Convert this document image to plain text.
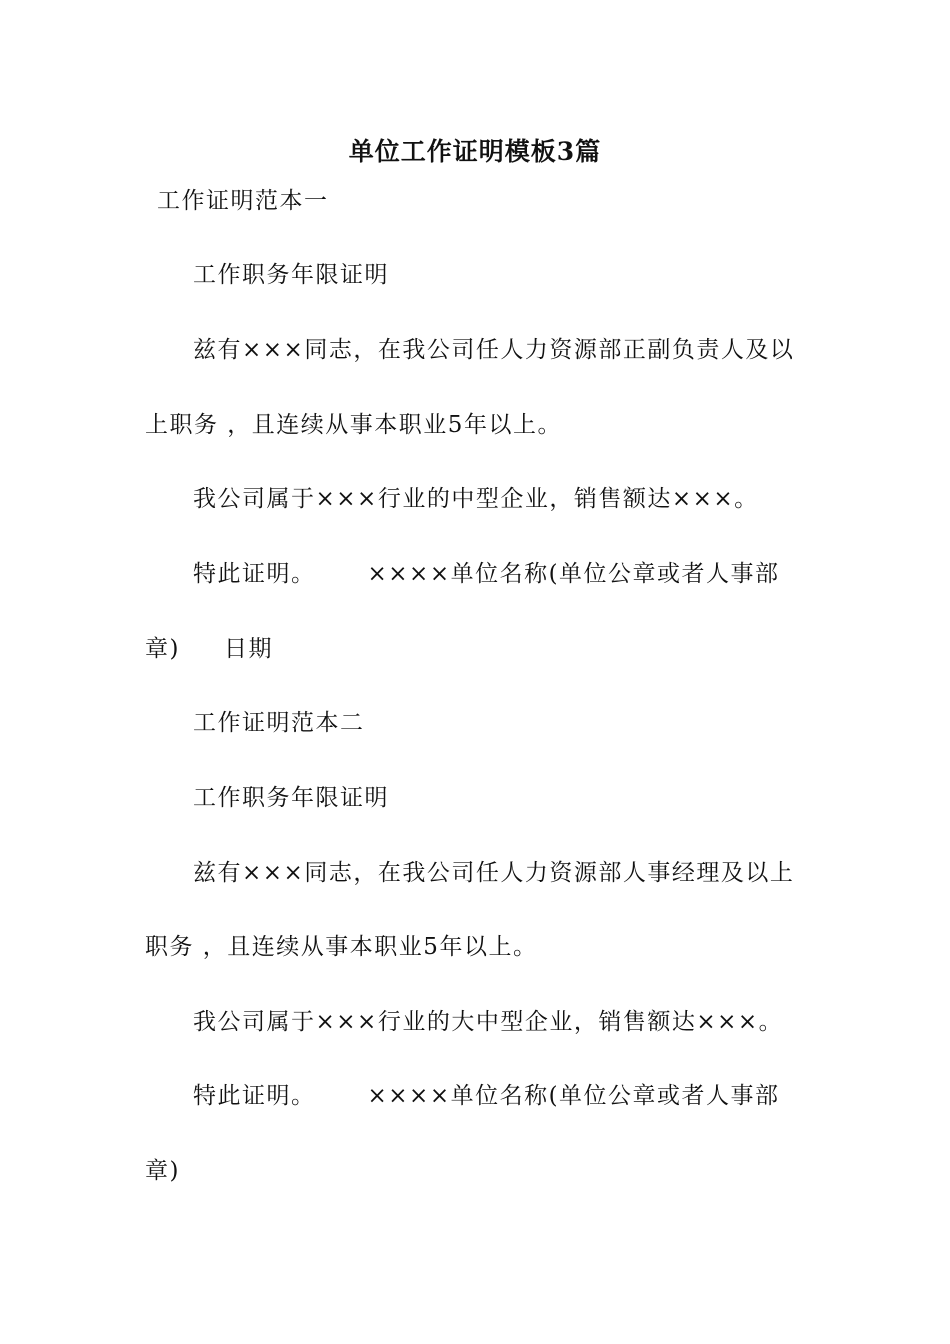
单位工作证明模板3篇

工作证明范本一

工作职务年限证明

兹有×××同志，在我公司任人力资源部正副负责人及以

上职务 ，且连续从事本职业5年以上。

我公司属于×××行业的中型企业，销售额达×××。

特此证明。 ××××单位名称(单位公章或者人事部

章) 日期

工作证明范本二

工作职务年限证明

兹有×××同志，在我公司任人力资源部人事经理及以上

职务 ，且连续从事本职业5年以上。

我公司属于×××行业的大中型企业，销售额达×××。

特此证明。 ××××单位名称(单位公章或者人事部

章)
